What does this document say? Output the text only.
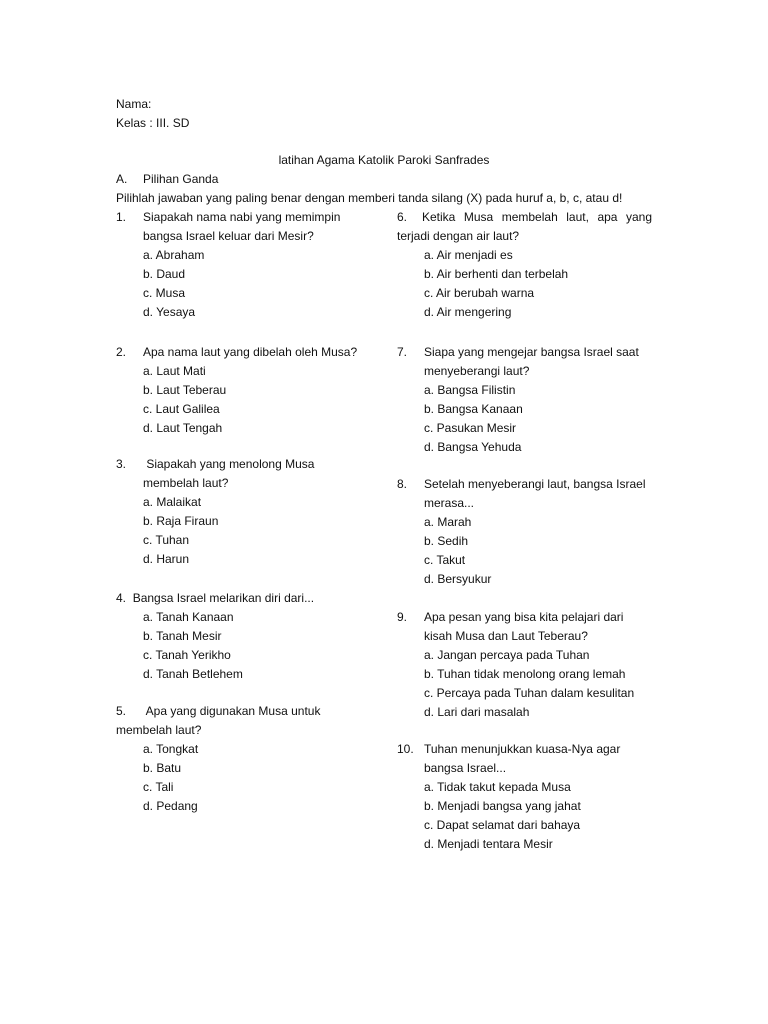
Nama:
Kelas : III. SD
latihan Agama Katolik Paroki Sanfrades
A. Pilihan Ganda
Pilihlah jawaban yang paling benar dengan memberi tanda silang (X) pada huruf a, b, c, atau d!
1. Siapakah nama nabi yang memimpin
bangsa Israel keluar dari Mesir?
a. Abraham
b. Daud
c. Musa
d. Yesaya
2. Apa nama laut yang dibelah oleh Musa?
a. Laut Mati
b. Laut Teberau
c. Laut Galilea
d. Laut Tengah
3. Siapakah yang menolong Musa
membelah laut?
a. Malaikat
b. Raja Firaun
c. Tuhan
d. Harun
4. Bangsa Israel melarikan diri dari...
a. Tanah Kanaan
b. Tanah Mesir
c. Tanah Yerikho
d. Tanah Betlehem
5. Apa yang digunakan Musa untuk
membelah laut?
a. Tongkat
b. Batu
c. Tali
d. Pedang
6.	Ketika Musa membelah laut, apa yang
terjadi dengan air laut?
a. Air menjadi es
b. Air berhenti dan terbelah
c. Air berubah warna
d. Air mengering
7. Siapa yang mengejar bangsa Israel saat
menyeberangi laut?
a. Bangsa Filistin
b. Bangsa Kanaan
c. Pasukan Mesir
d. Bangsa Yehuda
8. Setelah menyeberangi laut, bangsa Israel
merasa...
a. Marah
b. Sedih
c. Takut
d. Bersyukur
9. Apa pesan yang bisa kita pelajari dari
kisah Musa dan Laut Teberau?
a. Jangan percaya pada Tuhan
b. Tuhan tidak menolong orang lemah
c. Percaya pada Tuhan dalam kesulitan
d. Lari dari masalah
10. Tuhan menunjukkan kuasa-Nya agar
bangsa Israel...
a. Tidak takut kepada Musa
b. Menjadi bangsa yang jahat
c. Dapat selamat dari bahaya
d. Menjadi tentara Mesir
